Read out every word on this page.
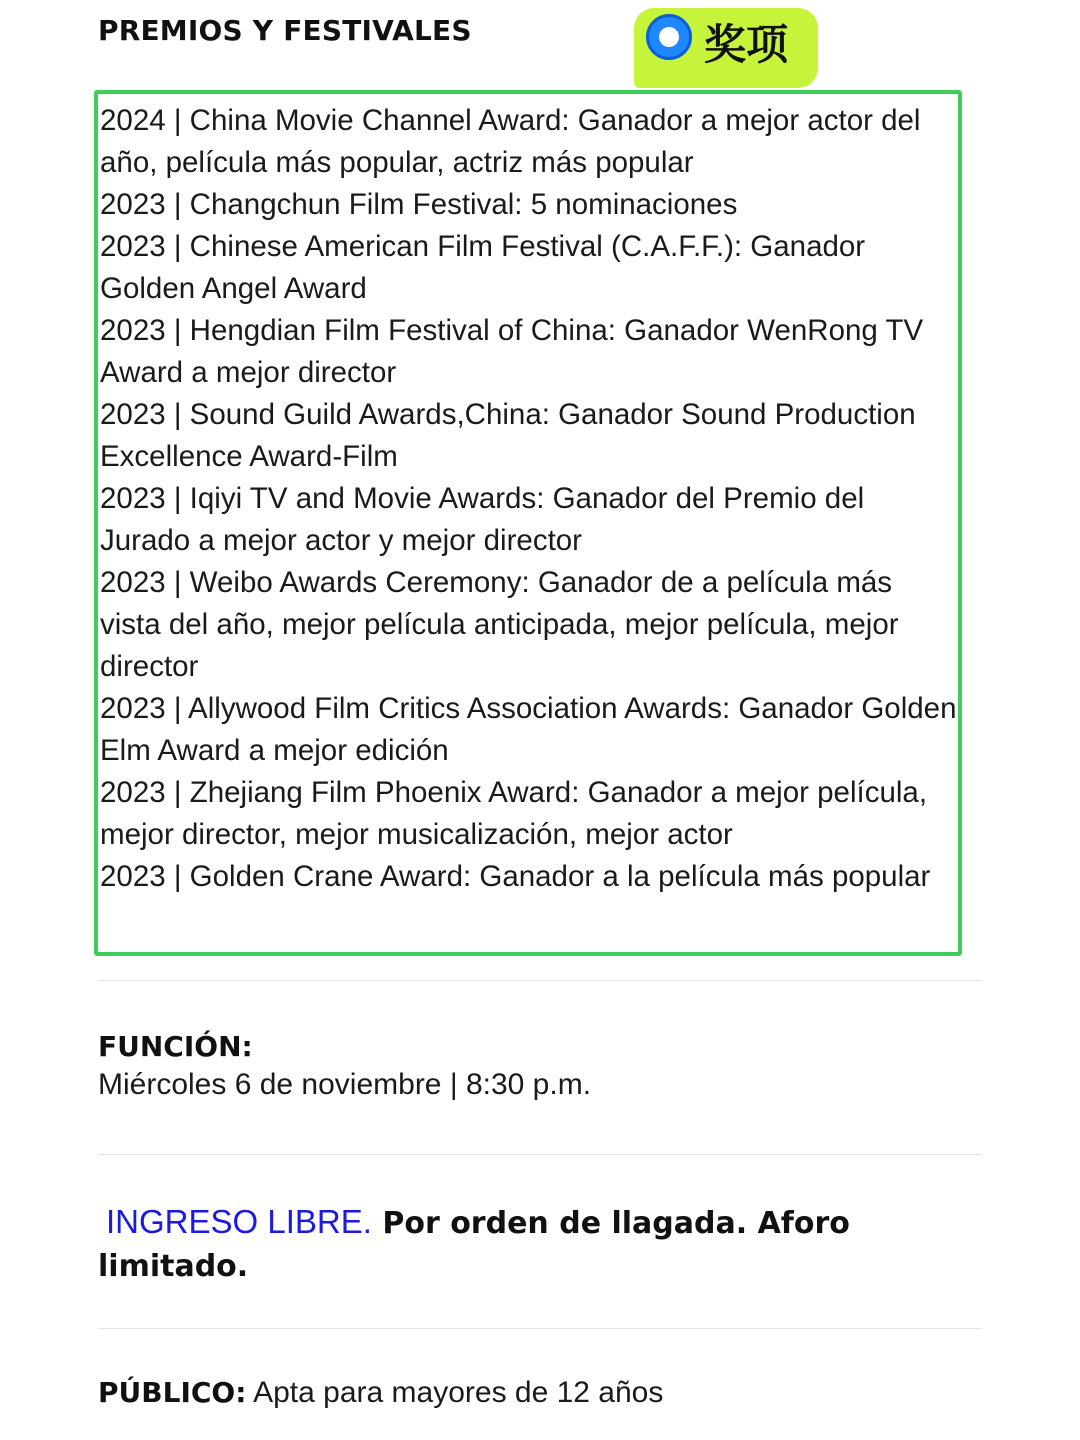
PREMIOS Y FESTIVALES	奖项
2024 | China Movie Channel Award: Ganador a mejor actor del año, película más popular, actriz más popular
2023 | Changchun Film Festival: 5 nominaciones
2023 | Chinese American Film Festival (C.A.F.F.): Ganador Golden Angel Award
2023 | Hengdian Film Festival of China: Ganador WenRong TV Award a mejor director
2023 | Sound Guild Awards,China: Ganador Sound Production Excellence Award-Film
2023 | Iqiyi TV and Movie Awards: Ganador del Premio del Jurado a mejor actor y mejor director
2023 | Weibo Awards Ceremony: Ganador de a película más vista del año, mejor película anticipada, mejor película, mejor director
2023 | Allywood Film Critics Association Awards: Ganador Golden Elm Award a mejor edición
2023 | Zhejiang Film Phoenix Award: Ganador a mejor película, mejor director, mejor musicalización, mejor actor
2023 | Golden Crane Award: Ganador a la película más popular
FUNCIÓN:
Miércoles 6 de noviembre | 8:30 p.m.
INGRESO LIBRE. Por orden de llagada. Aforo limitado.
PÚBLICO: Apta para mayores de 12 años
